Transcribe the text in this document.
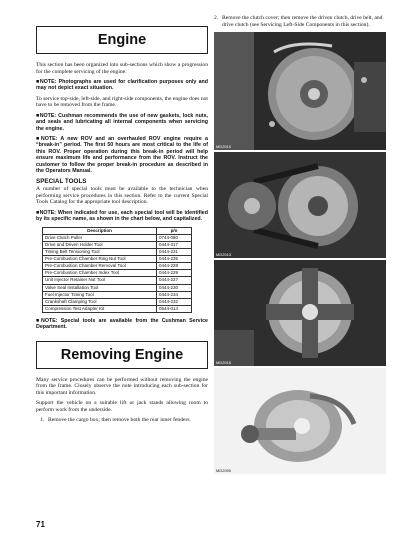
Engine

This section has been organized into sub-sections which show a progression for the complete servicing of the engine.

■NOTE: Photographs are used for clarification purposes only and may not depict exact situation.

To service top-side, left-side, and right-side components, the engine does not have to be removed from the frame.

■NOTE: Cushman recommends the use of new gaskets, lock nuts, and seals and lubricating all internal components when servicing the engine.

■NOTE: A new ROV and an overhauled ROV engine require a “break-in” period. The first 50 hours are most critical to the life of this ROV. Proper operation during this break-in period will help ensure maximum life and performance from the ROV. Instruct the customer to follow the proper break-in procedure as described in the Operators Manual.

SPECIAL TOOLS

A number of special tools must be available to the technician when performing service procedures in this section. Refer to the current Special Tools Catalog for the appropriate tool description.

■NOTE: When indicated for use, each special tool will be identified by its specific name, as shown in the chart below, and capitalized.

Description	p/n
Drive Clutch Puller	0744-080
Drive and Driven Holder Tool	0444-317
Timing Belt Tensioning Tool	0444-231
Pre-Combustion Chamber Ring Nut Tool	0444-235
Pre-Combustion Chamber Removal Tool	0444-228
Pre-Combustion Chamber Index Tool	0444-229
Unit Injector Retainer Nut Tool	0444-227
Valve Seal Installation Tool	0444-230
Fuel Injector Timing Tool	0444-234
Crankshaft Clamping Tool	0444-232
Compression Test Adapter Kit	0544-014

■NOTE: Special tools are available from the Cushman Service Department.

Removing Engine

Many service procedures can be performed without removing the engine from the frame. Closely observe the note introducing each sub-section for this important information.

Support the vehicle on a suitable lift or jack stands allowing room to perform work from the underside.

1. Remove the cargo box; then remove both the rear inner fenders.
71
2. Remove the clutch cover; then remove the driven clutch, drive belt, and drive clutch (see Servicing Left-Side Components in this section).
MD2010
MD2013
MD2015
MD2090
